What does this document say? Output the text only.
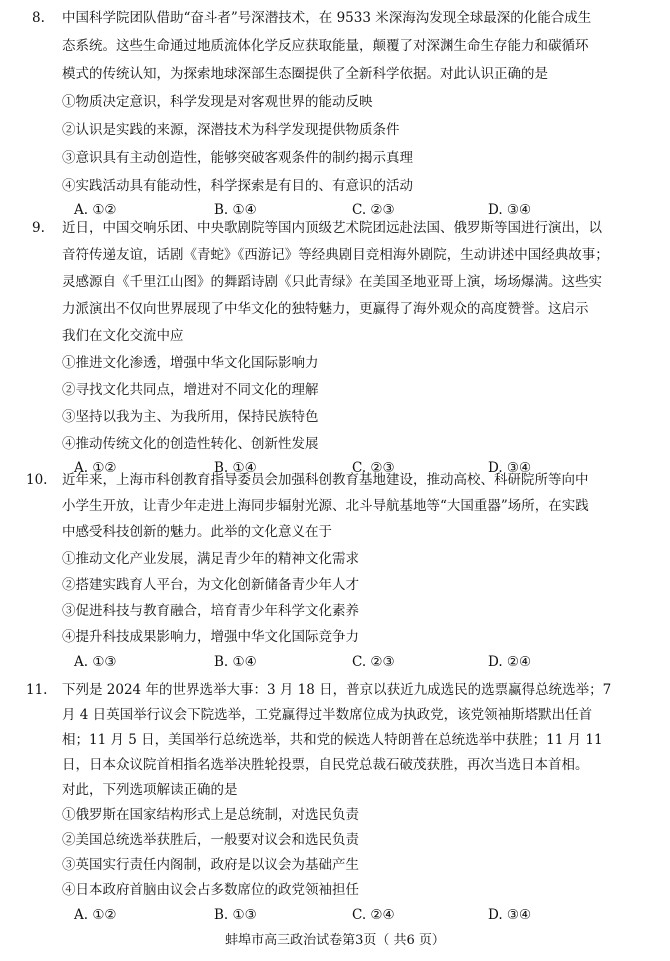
8. 中国科学院团队借助“奋斗者”号深潜技术，在 9533 米深海沟发现全球最深的化能合成生
态系统。这些生命通过地质流体化学反应获取能量，颠覆了对深渊生命生存能力和碳循环
模式的传统认知，为探索地球深部生态圈提供了全新科学依据。对此认识正确的是
①物质决定意识，科学发现是对客观世界的能动反映
②认识是实践的来源，深潜技术为科学发现提供物质条件
③意识具有主动创造性，能够突破客观条件的制约揭示真理
④实践活动具有能动性，科学探索是有目的、有意识的活动
A. ①②	B. ①④	C. ②③	D. ③④
9. 近日，中国交响乐团、中央歌剧院等国内顶级艺术院团远赴法国、俄罗斯等国进行演出，以
音符传递友谊，话剧《青蛇》《西游记》等经典剧目竞相海外剧院，生动讲述中国经典故事；
灵感源自《千里江山图》的舞蹈诗剧《只此青绿》在美国圣地亚哥上演，场场爆满。这些实
力派演出不仅向世界展现了中华文化的独特魅力，更赢得了海外观众的高度赞誉。这启示
我们在文化交流中应
①推进文化渗透，增强中华文化国际影响力
②寻找文化共同点，增进对不同文化的理解
③坚持以我为主、为我所用，保持民族特色
④推动传统文化的创造性转化、创新性发展
A. ①②	B. ①④	C. ②③	D. ③④
10. 近年来，上海市科创教育指导委员会加强科创教育基地建设，推动高校、科研院所等向中
小学生开放，让青少年走进上海同步辐射光源、北斗导航基地等“大国重器”场所，在实践
中感受科技创新的魅力。此举的文化意义在于
①推动文化产业发展，满足青少年的精神文化需求
②搭建实践育人平台，为文化创新储备青少年人才
③促进科技与教育融合，培育青少年科学文化素养
④提升科技成果影响力，增强中华文化国际竞争力
A. ①③	B. ①④	C. ②③	D. ②④
11. 下列是 2024 年的世界选举大事：3 月 18 日，普京以获近九成选民的选票赢得总统选举；7
月 4 日英国举行议会下院选举，工党赢得过半数席位成为执政党，该党领袖斯塔默出任首
相；11 月 5 日，美国举行总统选举，共和党的候选人特朗普在总统选举中获胜；11 月 11
日，日本众议院首相指名选举决胜轮投票，自民党总裁石破茂获胜，再次当选日本首相。
对此，下列选项解读正确的是
①俄罗斯在国家结构形式上是总统制，对选民负责
②美国总统选举获胜后，一般要对议会和选民负责
③英国实行责任内阁制，政府是以议会为基础产生
④日本政府首脑由议会占多数席位的政党领袖担任
A. ①②	B. ①③	C. ②④	D. ③④
蚌埠市高三政治试卷第3页（ 共6 页）
